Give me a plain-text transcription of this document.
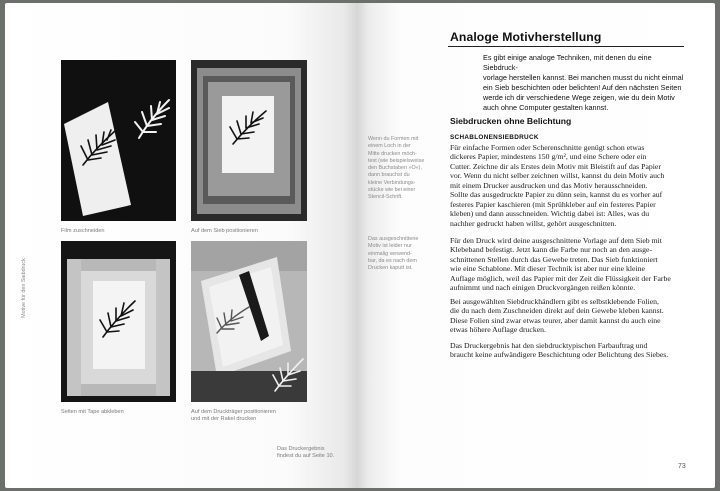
Motive für den Siebdruck

Film zuschneiden	Auf dem Sieb positionieren

Seiten mit Tape abkleben	Auf dem Druckträger positionieren
und mit der Rakel drucken

Das Druckergebnis
findest du auf Seite 10.

Analoge Motivherstellung

Es gibt einige analoge Techniken, mit denen du eine Siebdruck-
vorlage herstellen kannst. Bei manchen musst du nicht einmal
ein Sieb beschichten oder belichten! Auf den nächsten Seiten
werde ich dir verschiedene Wege zeigen, wie du dein Motiv
auch ohne Computer gestalten kannst.

Siebdrucken ohne Belichtung
SCHABLONENSIEBDRUCK

Wenn du Formen mit
einem Loch in der
Mitte drucken möch-
test (wie beispielsweise
den Buchstaben »O«),
dann brauchst du
kleine Verbindungs-
stücke wie bei einer
Stencil-Schrift.

Das ausgeschnittene
Motiv ist leider nur
einmalig verwend-
bar, da es nach dem
Drucken kaputt ist.

Für einfache Formen oder Scherenschnitte genügt schon etwas
dickeres Papier, mindestens 150 g/m², und eine Schere oder ein
Cutter. Zeichne dir als Erstes dein Motiv mit Bleistift auf das Papier
vor. Wenn du nicht selber zeichnen willst, kannst du dein Motiv auch
mit einem Drucker ausdrucken und das Motiv herausschneiden.
Sollte das ausgedruckte Papier zu dünn sein, kannst du es vorher auf
festeres Papier kaschieren (mit Sprühkleber auf ein festeres Papier
kleben) und dann ausschneiden. Wichtig dabei ist: Alles, was du
nachher gedruckt haben willst, gehört ausgeschnitten.

Für den Druck wird deine ausgeschnittene Vorlage auf dem Sieb mit
Klebeband befestigt. Jetzt kann die Farbe nur noch an den ausge-
schnittenen Stellen durch das Gewebe treten. Das Sieb funktioniert
wie eine Schablone. Mit dieser Technik ist aber nur eine kleine
Auflage möglich, weil das Papier mit der Zeit die Flüssigkeit der Farbe
aufnimmt und nach einigen Druckvorgängen reißen könnte.

Bei ausgewählten Siebdruckhändlern gibt es selbstklebende Folien,
die du nach dem Zuschneiden direkt auf dein Gewebe kleben kannst.
Diese Folien sind zwar etwas teurer, aber damit kannst du auch eine
etwas höhere Auflage drucken.

Das Druckergebnis hat den siebdrucktypischen Farbauftrag und
braucht keine aufwändigere Beschichtung oder Belichtung des Siebes.

73
